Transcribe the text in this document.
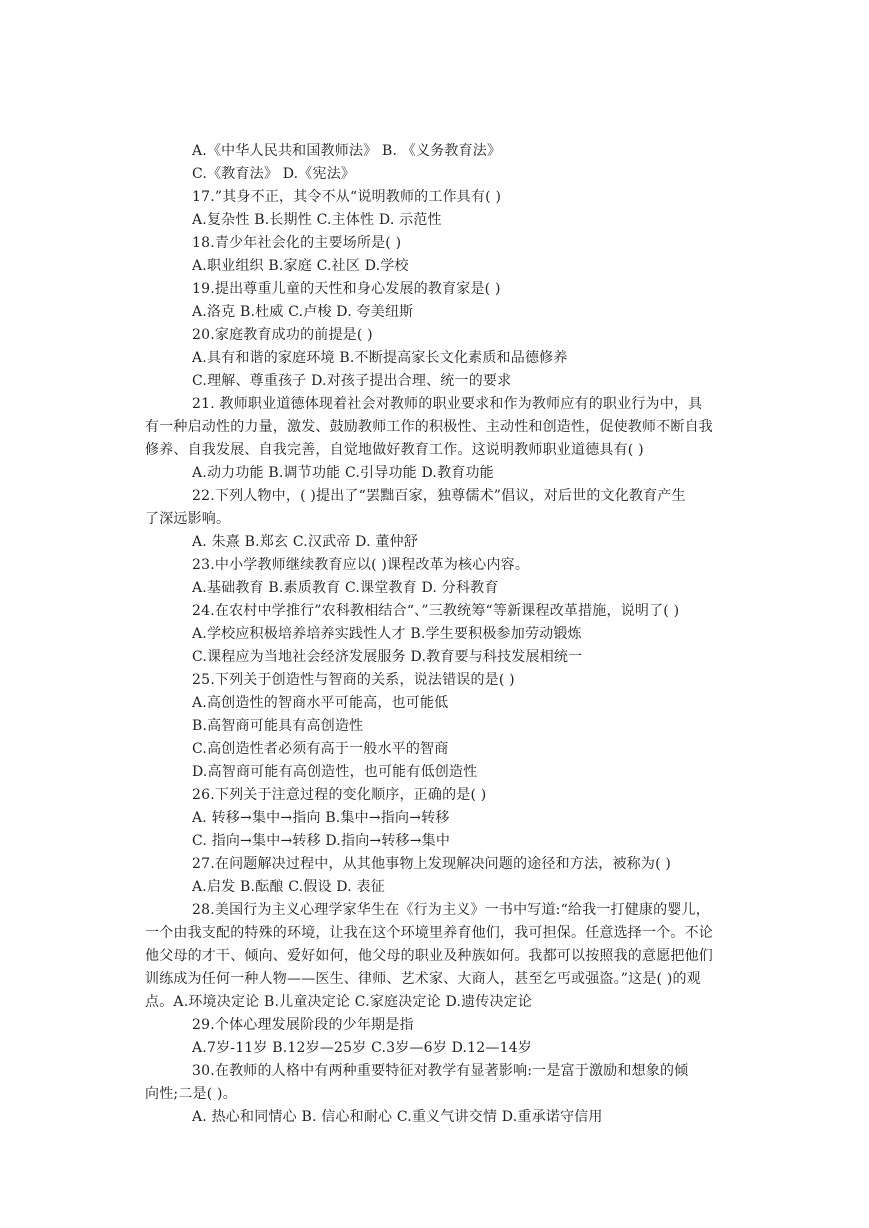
A.《中华人民共和国教师法》 B. 《义务教育法》
C.《教育法》 D.《宪法》
17.”其身不正，其令不从“说明教师的工作具有( )
A.复杂性 B.长期性 C.主体性 D. 示范性
18.青少年社会化的主要场所是( )
A.职业组织 B.家庭 C.社区 D.学校
19.提出尊重儿童的天性和身心发展的教育家是( )
A.洛克 B.杜威 C.卢梭 D. 夸美纽斯
20.家庭教育成功的前提是( )
A.具有和谐的家庭环境 B.不断提高家长文化素质和品德修养
C.理解、尊重孩子 D.对孩子提出合理、统一的要求
21. 教师职业道德体现着社会对教师的职业要求和作为教师应有的职业行为中，具
有一种启动性的力量，激发、鼓励教师工作的积极性、主动性和创造性，促使教师不断自我
修养、自我发展、自我完善，自觉地做好教育工作。这说明教师职业道德具有( )
A.动力功能 B.调节功能 C.引导功能 D.教育功能
22.下列人物中，( )提出了“罢黜百家，独尊儒术”倡议，对后世的文化教育产生
了深远影响。
A. 朱熹 B.郑玄 C.汉武帝 D. 董仲舒
23.中小学教师继续教育应以( )课程改革为核心内容。
A.基础教育 B.素质教育 C.课堂教育 D. 分科教育
24.在农村中学推行”农科教相结合“、”三教统筹“等新课程改革措施，说明了( )
A.学校应积极培养培养实践性人才 B.学生要积极参加劳动锻炼
C.课程应为当地社会经济发展服务 D.教育要与科技发展相统一
25.下列关于创造性与智商的关系，说法错误的是( )
A.高创造性的智商水平可能高，也可能低
B.高智商可能具有高创造性
C.高创造性者必须有高于一般水平的智商
D.高智商可能有高创造性，也可能有低创造性
26.下列关于注意过程的变化顺序，正确的是( )
A. 转移→集中→指向 B.集中→指向→转移
C. 指向→集中→转移 D.指向→转移→集中
27.在问题解决过程中，从其他事物上发现解决问题的途径和方法，被称为( )
A.启发 B.酝酿 C.假设 D. 表征
28.美国行为主义心理学家华生在《行为主义》一书中写道:“给我一打健康的婴儿，
一个由我支配的特殊的环境，让我在这个环境里养育他们，我可担保。任意选择一个。不论
他父母的才干、倾向、爱好如何，他父母的职业及种族如何。我都可以按照我的意愿把他们
训练成为任何一种人物——医生、律师、艺术家、大商人，甚至乞丐或强盗。”这是( )的观
点。A.环境决定论 B.儿童决定论 C.家庭决定论 D.遗传决定论
29.个体心理发展阶段的少年期是指
A.7岁-11岁 B.12岁—25岁 C.3岁—6岁 D.12—14岁
30.在教师的人格中有两种重要特征对教学有显著影响:一是富于激励和想象的倾
向性;二是( )。
A. 热心和同情心 B. 信心和耐心 C.重义气讲交情 D.重承诺守信用
